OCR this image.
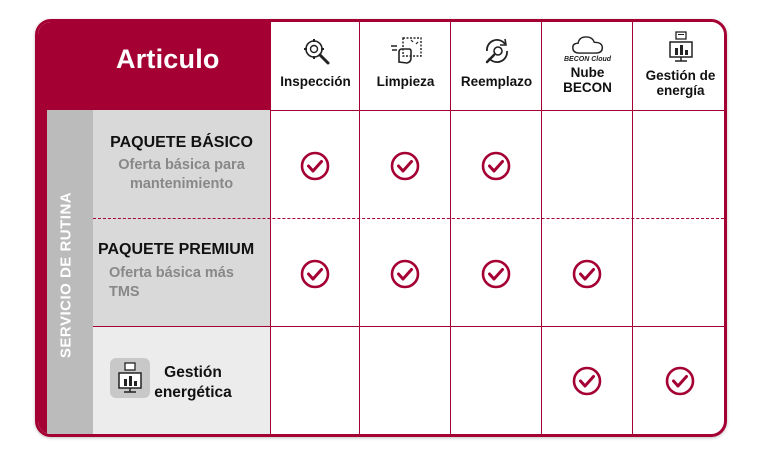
Articulo
Inspección Limpieza Reemplazo
BECON Cloud
Nube BECON
Gestión de energía
SERVICIO DE RUTINA
PAQUETE BÁSICO
Oferta básica para mantenimiento
PAQUETE PREMIUM
Oferta básica más TMS
Gestión energética
